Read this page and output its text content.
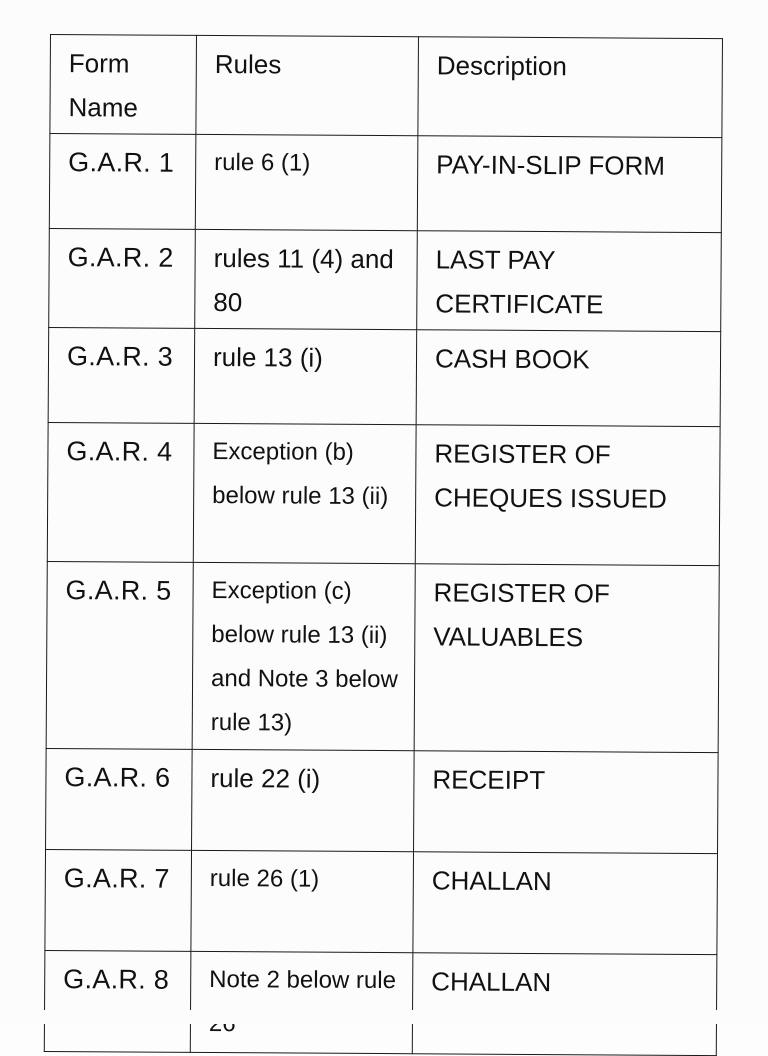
Form Name	Rules	Description
G.A.R. 1	rule 6 (1)	PAY-IN-SLIP FORM
G.A.R. 2	rules 11 (4) and 80	LAST PAY CERTIFICATE
G.A.R. 3	rule 13 (i)	CASH BOOK
G.A.R. 4	Exception (b) below rule 13 (ii)	REGISTER OF CHEQUES ISSUED
G.A.R. 5	Exception (c) below rule 13 (ii) and Note 3 below rule 13)	REGISTER OF VALUABLES
G.A.R. 6	rule 22 (i)	RECEIPT
G.A.R. 7	rule 26 (1)	CHALLAN
G.A.R. 8	Note 2 below rule	CHALLAN
